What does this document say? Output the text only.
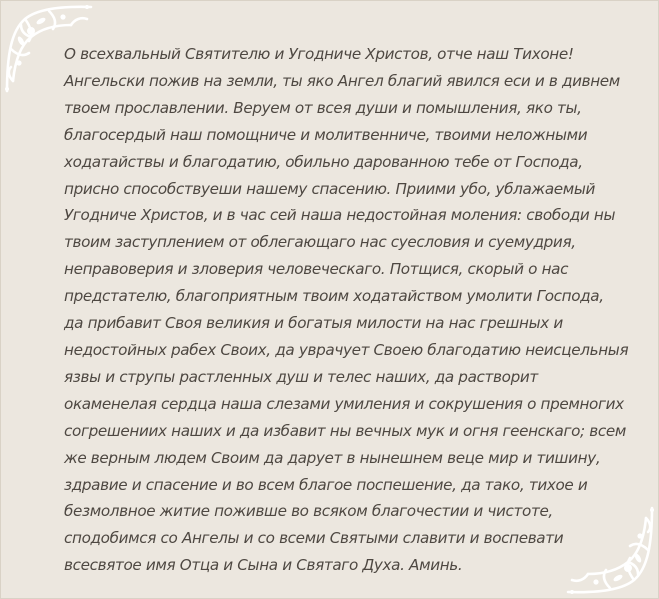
О всехвальный Святителю и Угодниче Христов, отче наш Тихоне!
Ангельски пожив на земли, ты яко Ангел благий явился еси и в дивнем
твоем прославлении. Веруем от всея души и помышления, яко ты,
благосердый наш помощниче и молитвенниче, твоими неложными
ходатайствы и благодатию, обильно дарованною тебе от Господа,
присно способствуеши нашему спасению. Приими убо, ублажаемый
Угодниче Христов, и в час сей наша недостойная моления: свободи ны
твоим заступлением от облегающаго нас суесловия и суемудрия,
неправоверия и зловерия человеческаго. Потщися, скорый о нас
предстателю, благоприятным твоим ходатайством умолити Господа,
да прибавит Своя великия и богатыя милости на нас грешных и
недостойных рабех Своих, да уврачует Своею благодатию неисцельныя
язвы и струпы растленных душ и телес наших, да растворит
окаменелая сердца наша слезами умиления и сокрушения о премногих
согрешениих наших и да избавит ны вечных мук и огня геенскаго; всем
же верным людем Своим да дарует в нынешнем веце мир и тишину,
здравие и спасение и во всем благое поспешение, да тако, тихое и
безмолвное житие поживше во всяком благочестии и чистоте,
сподобимся со Ангелы и со всеми Святыми славити и воспевати
всесвятое имя Отца и Сына и Святаго Духа. Аминь.
